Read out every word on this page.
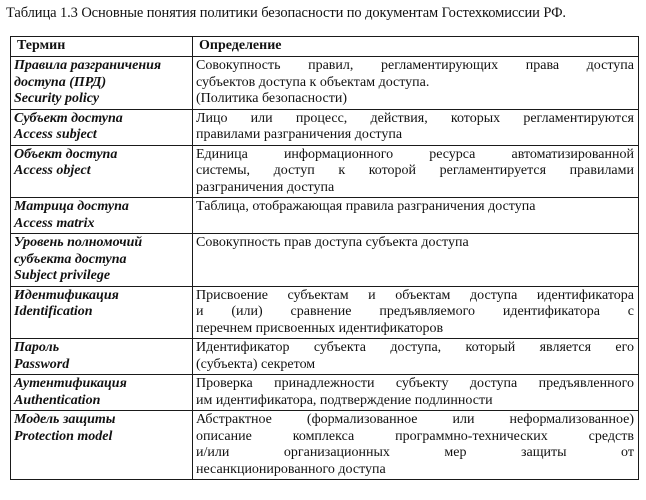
Таблица 1.3 Основные понятия политики безопасности по документам Гостехкомиссии РФ.
Термин	Определение

Правила разграничения
доступа (ПРД)
Security policy	Совокупность правил, регламентирующих права доступа
субъектов доступа к объектам доступа.
(Политика безопасности)

Субъект доступа
Access subject	Лицо или процесс, действия, которых регламентируются
правилами разграничения доступа

Объект доступа
Access object	Единица информационного ресурса автоматизированной
системы, доступ к которой регламентируется правилами
разграничения доступа

Матрица доступа
Access matrix	Таблица, отображающая правила разграничения доступа

Уровень полномочий
субъекта доступа
Subject privilege	Совокупность прав доступа субъекта доступа

Идентификация
Identification	Присвоение субъектам и объектам доступа идентификатора
и (или) сравнение предъявляемого идентификатора с
перечнем присвоенных идентификаторов

Пароль
Password	Идентификатор субъекта доступа, который является его
(субъекта) секретом

Аутентификация
Authentication	Проверка принадлежности субъекту доступа предъявленного
им идентификатора, подтверждение подлинности

Модель защиты
Protection model	Абстрактное (формализованное или неформализованное)
описание комплекса программно-технических средств
и/или организационных мер защиты от
несанкционированного доступа
